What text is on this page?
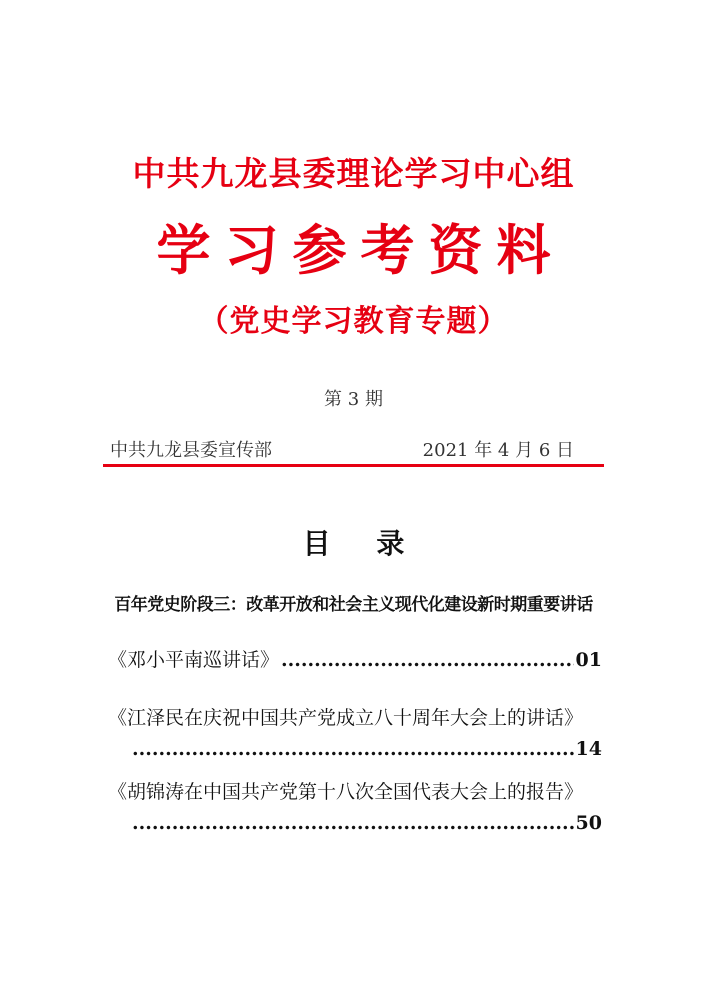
中共九龙县委理论学习中心组
学习参考资料
（党史学习教育专题）
第 3 期
中共九龙县委宣传部	2021 年 4 月 6 日
目 录
百年党史阶段三：改革开放和社会主义现代化建设新时期重要讲话
《邓小平南巡讲话》
.....	01
《江泽民在庆祝中国共产党成立八十周年大会上的讲话》
.....
14
《胡锦涛在中国共产党第十八次全国代表大会上的报告》
.....
50
